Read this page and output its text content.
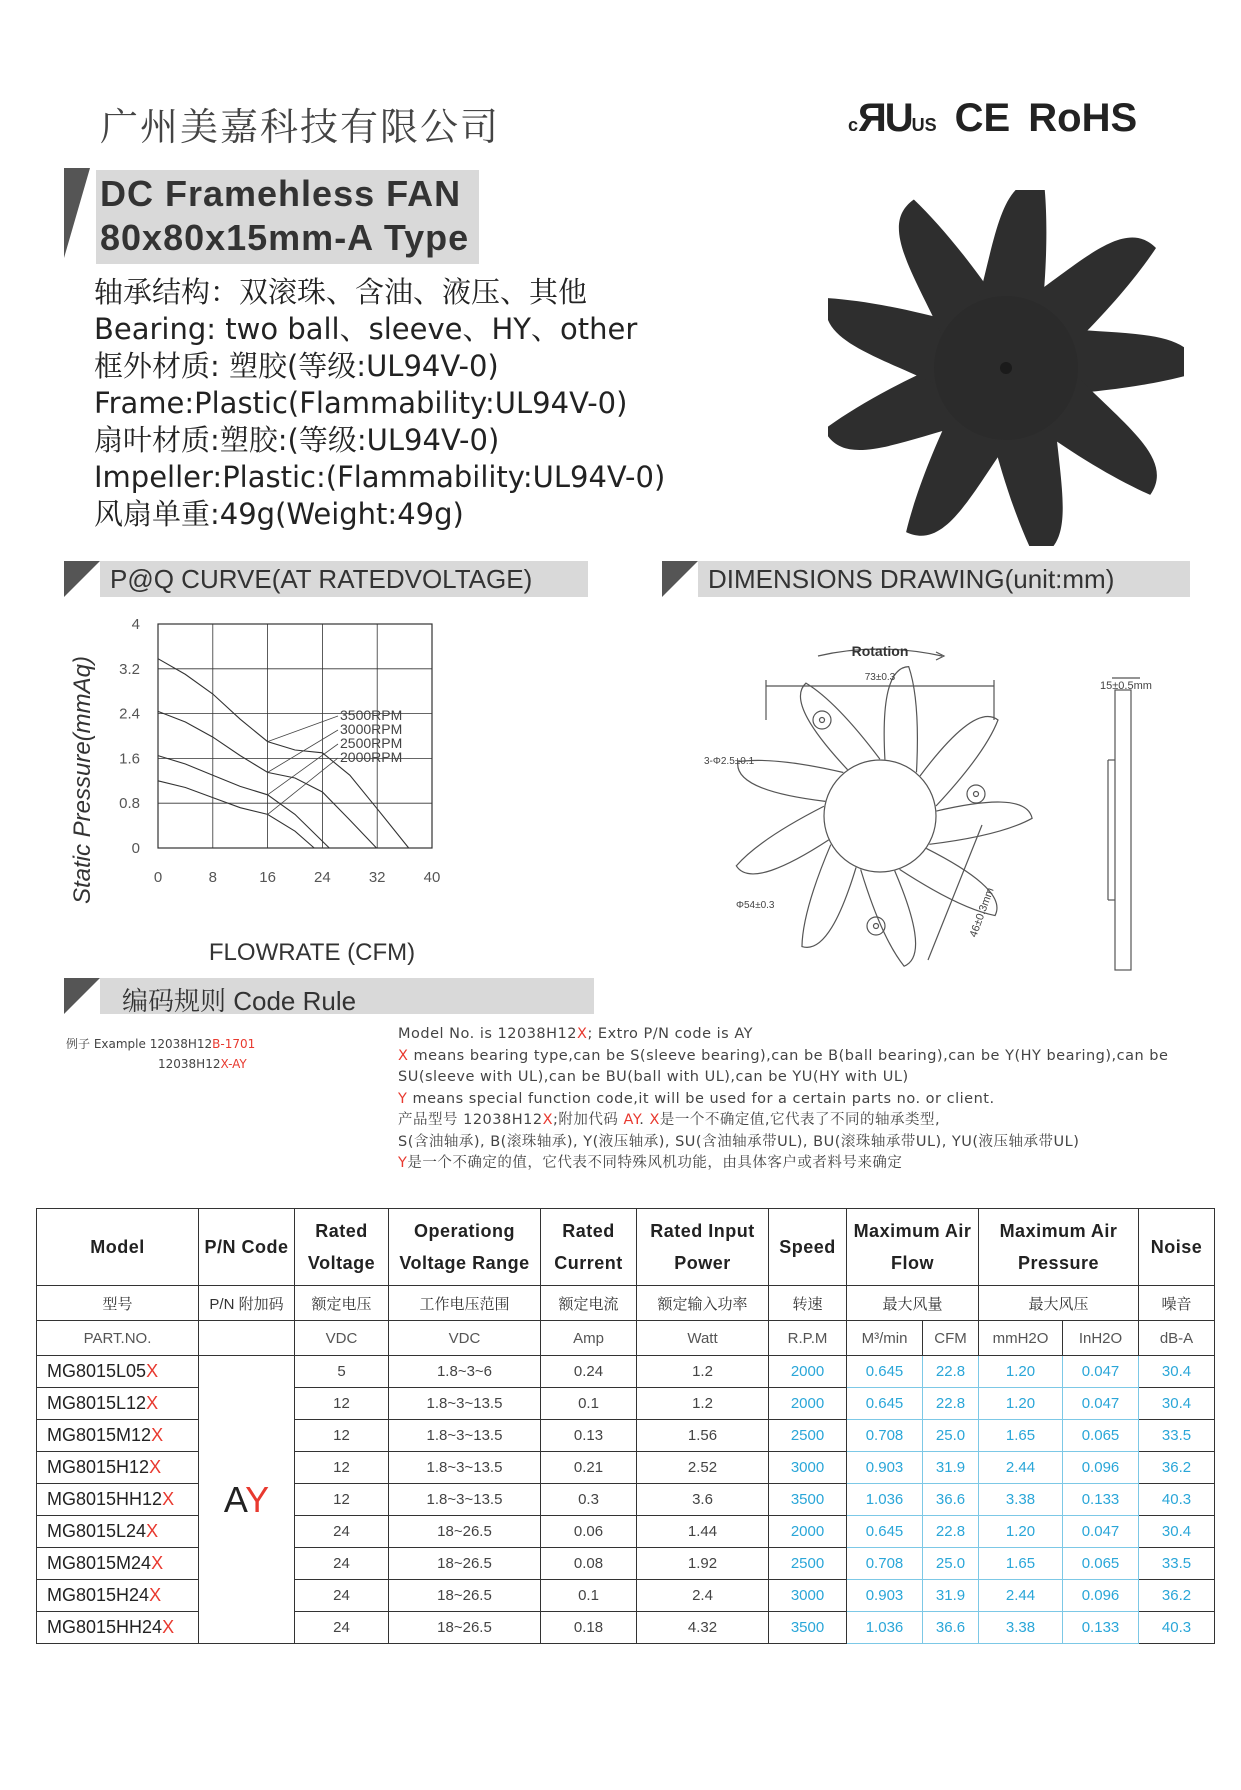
广州美嘉科技有限公司	cЯUUS CE RoHS
DC Framehless FAN
80x80x15mm-A Type
轴承结构：双滚珠、含油、液压、其他
Bearing: two ball、sleeve、HY、other
框外材质: 塑胶(等级:UL94V-0)
Frame:Plastic(Flammability:UL94V-0)
扇叶材质:塑胶:(等级:UL94V-0)
Impeller:Plastic:(Flammability:UL94V-0)
风扇单重:49g(Weight:49g)
P@Q CURVE(AT RATEDVOLTAGE)	DIMENSIONS DRAWING(unit:mm)
编码规则 Code Rule
0	8	16	24	32	40
0
0.8
1.6
2.4
3.2
4
3500RPM
3000RPM
2500RPM
2000RPM
FLOWRATE (CFM)
Static Pressure(mmAq)
Rotation
73±0.3
15±0.5mm
3-Φ2.5±0.1
Φ54±0.3	46±0.3mm
例子 Example 12038H12B-1701
12038H12X-AY
Model No. is 12038H12X; Extro P/N code is AY
X means bearing type,can be S(sleeve bearing),can be B(ball bearing),can be Y(HY bearing),can be
SU(sleeve with UL),can be BU(ball with UL),can be YU(HY with UL)
Y means special function code,it will be used for a certain parts no. or client.
产品型号 12038H12X;附加代码 AY. X是一个不确定值,它代表了不同的轴承类型,
S(含油轴承), B(滚珠轴承), Y(液压轴承), SU(含油轴承带UL), BU(滚珠轴承带UL), YU(液压轴承带UL)
Y是一个不确定的值，它代表不同特殊风机功能，由具体客户或者料号来确定
Model	P/N Code	Rated Voltage	Operationg Voltage Range	Rated Current	Rated Input Power	Speed	Maximum Air Flow		Maximum Air Pressure		Noise
型号	P/N 附加码	额定电压	工作电压范围	额定电流	额定输入功率	转速	最大风量		最大风压		噪音
PART.NO.		VDC	VDC	Amp	Watt	R.P.M	M³/min	CFM	mmH2O	InH2O	dB-A
MG8015L05X	AY	5	1.8~3~6	0.24	1.2	2000	0.645	22.8	1.20	0.047	30.4
MG8015L12X		12	1.8~3~13.5	0.1	1.2	2000	0.645	22.8	1.20	0.047	30.4
MG8015M12X		12	1.8~3~13.5	0.13	1.56	2500	0.708	25.0	1.65	0.065	33.5
MG8015H12X		12	1.8~3~13.5	0.21	2.52	3000	0.903	31.9	2.44	0.096	36.2
MG8015HH12X		12	1.8~3~13.5	0.3	3.6	3500	1.036	36.6	3.38	0.133	40.3
MG8015L24X		24	18~26.5	0.06	1.44	2000	0.645	22.8	1.20	0.047	30.4
MG8015M24X		24	18~26.5	0.08	1.92	2500	0.708	25.0	1.65	0.065	33.5
MG8015H24X		24	18~26.5	0.1	2.4	3000	0.903	31.9	2.44	0.096	36.2
MG8015HH24X		24	18~26.5	0.18	4.32	3500	1.036	36.6	3.38	0.133	40.3
